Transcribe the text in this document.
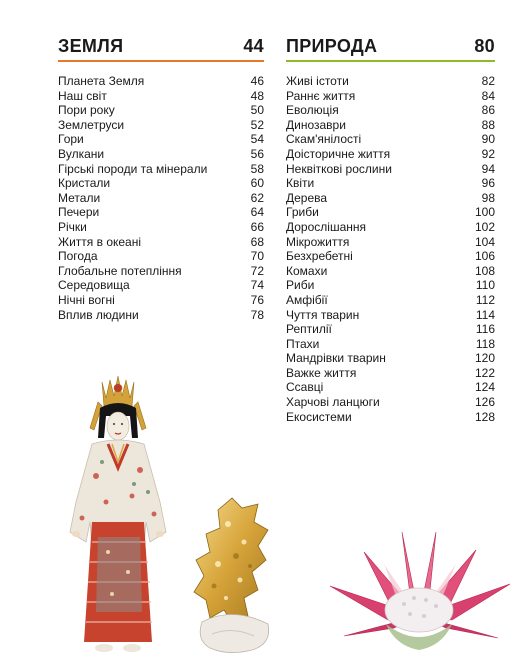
ЗЕМЛЯ	44
Планета Земля	46
Наш світ	48
Пори року	50
Землетруси	52
Гори	54
Вулкани	56
Гірські породи та мінерали	58
Кристали	60
Метали	62
Печери	64
Річки	66
Життя в океані	68
Погода	70
Глобальне потепління	72
Середовища	74
Нічні вогні	76
Вплив людини	78
ПРИРОДА	80
Живі істоти	82
Раннє життя	84
Еволюція	86
Динозаври	88
Скам'янілості	90
Доісторичне життя	92
Неквіткові рослини	94
Квіти	96
Дерева	98
Гриби	100
Дорослішання	102
Мікрожиття	104
Безхребетні	106
Комахи	108
Риби	110
Амфібії	112
Чуття тварин	114
Рептилії	116
Птахи	118
Мандрівки тварин	120
Важке життя	122
Ссавці	124
Харчові ланцюги	126
Екосистеми	128
